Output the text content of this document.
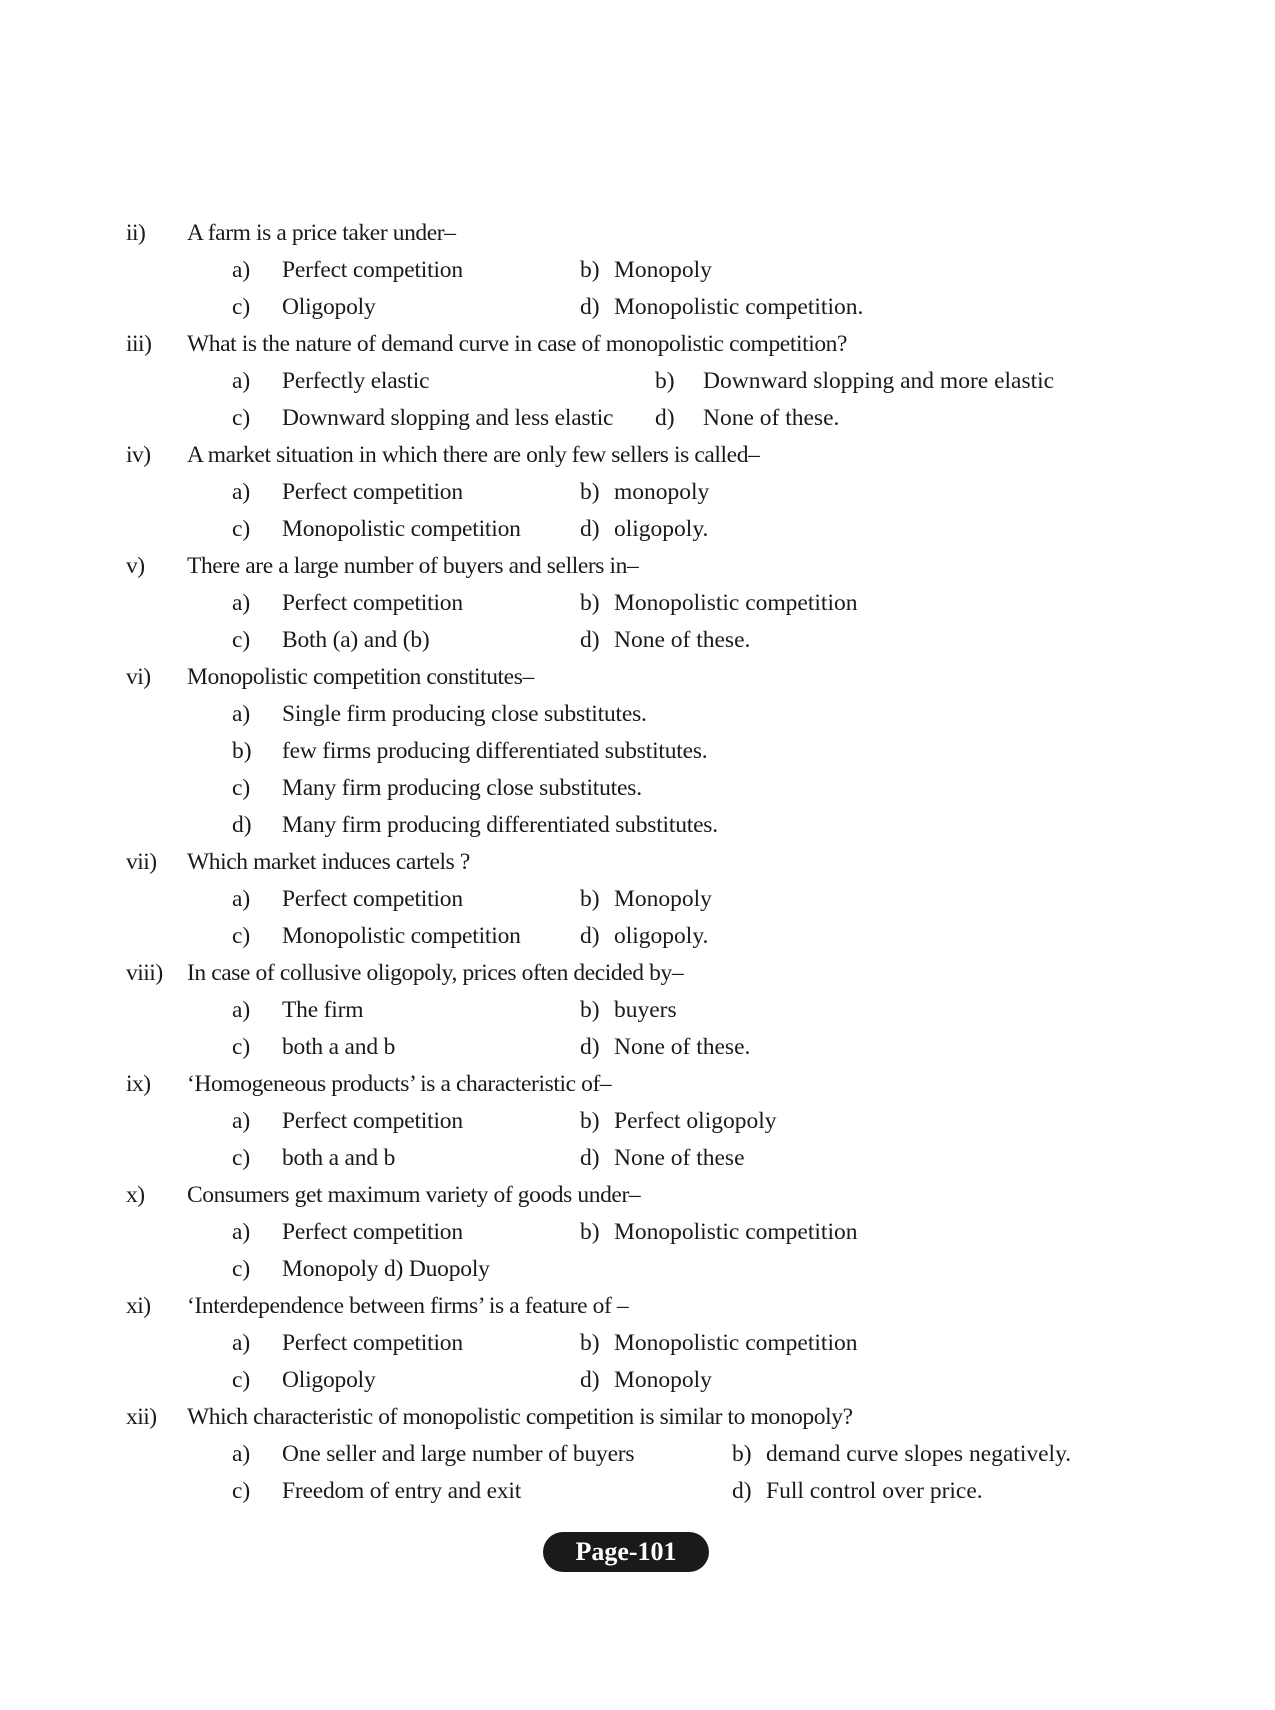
ii) A farm is a price taker under–
a) Perfect competition	b) Monopoly
c) Oligopoly	d) Monopolistic competition.
iii) What is the nature of demand curve in case of monopolistic competition?
a) Perfectly elastic	b) Downward slopping and more elastic
c) Downward slopping and less elastic d) None of these.
iv) A market situation in which there are only few sellers is called–
a) Perfect competition	b) monopoly
c) Monopolistic competition	d) oligopoly.
v) There are a large number of buyers and sellers in–
a) Perfect competition	b) Monopolistic competition
c) Both (a) and (b)	d) None of these.
vi) Monopolistic competition constitutes–
a) Single firm producing close substitutes.
b) few firms producing differentiated substitutes.
c) Many firm producing close substitutes.
d) Many firm producing differentiated substitutes.
vii) Which market induces cartels ?
a) Perfect competition	b) Monopoly
c) Monopolistic competition	d) oligopoly.
viii) In case of collusive oligopoly, prices often decided by–
a) The firm	b) buyers
c) both a and b	d) None of these.
ix) ‘Homogeneous products’ is a characteristic of–
a) Perfect competition	b) Perfect oligopoly
c) both a and b	d) None of these
x) Consumers get maximum variety of goods under–
a) Perfect competition	b) Monopolistic competition
c) Monopoly d) Duopoly
xi) ‘Interdependence between firms’ is a feature of –
a) Perfect competition	b) Monopolistic competition
c) Oligopoly	d) Monopoly
xii) Which characteristic of monopolistic competition is similar to monopoly?
a) One seller and large number of buyers	b) demand curve slopes negatively.
c) Freedom of entry and exit	d) Full control over price.
Page-101
